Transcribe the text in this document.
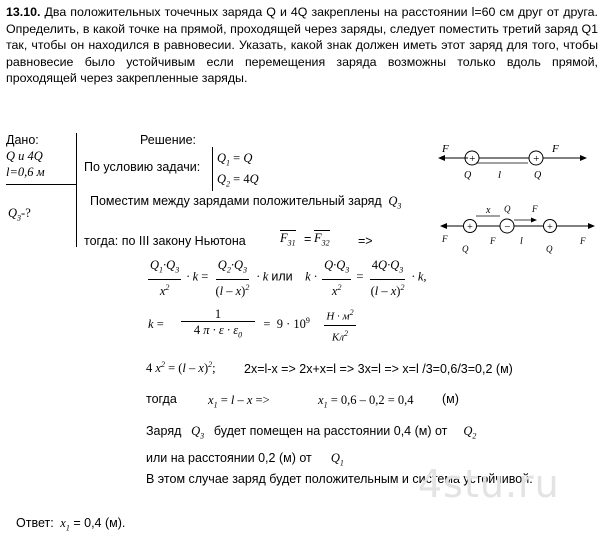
13.10. Два положительных точечных заряда Q и 4Q закреплены на расстоянии l=60 см друг от друга. Определить, в какой точке на прямой, проходящей через заряды, следует поместить третий заряд Q1 так, чтобы он находился в равновесии. Указать, какой знак должен иметь этот заряд для того, чтобы равновесие было устойчивым если перемещения заряда возможны только вдоль прямой, проходящей через закрепленные заряды.
Дано:
Q и 4Q
l=0,6 м
$Q_3-$?
Решение:
По условию задачи:
$Q_1 = Q$
$Q_2 = 4Q$
Поместим между зарядами положительный заряд  $Q_3$
тогда: по III закону Ньютона	$F_{31} = F_{32}$ =>
$\frac{Q_1\cdot Q_3}{x^2} \cdot k = \frac{Q_2\cdot Q_3}{(l - x)^2} \cdot k$ или    $k \cdot \frac{Q\cdot Q_3}{x^2} = \frac{4Q\cdot Q_3}{(l - x)^2} \cdot k$,
$k = \frac{1}{4 \pi \cdot \varepsilon \cdot \varepsilon_0} = 9 \cdot 10^9 \frac{H \cdot м^2}{Кл^2}$
4 $x^2 = (l - x)^2$; 2x=l-x => 2x+x=l => 3x=l => x=l /3=0,6/3=0,2 (м)
тогда $x_1 = l - x$ =>	$x_1 = 0,6 - 0,2 = 0,4$ (м)
Заряд   $Q_3$ будет помещен на расстоянии 0,4 (м) от     $Q_2$
или на расстоянии 0,2 (м) от      $Q_1$
В этом случае заряд будет положительным и система устойчивой.
Ответ:  $x_1 = 0,4$ (м).
4stu.ru
F
+
l
+
F
Q	Q
F
+
x
F
−
Q F
l
+
F
Q	Q
